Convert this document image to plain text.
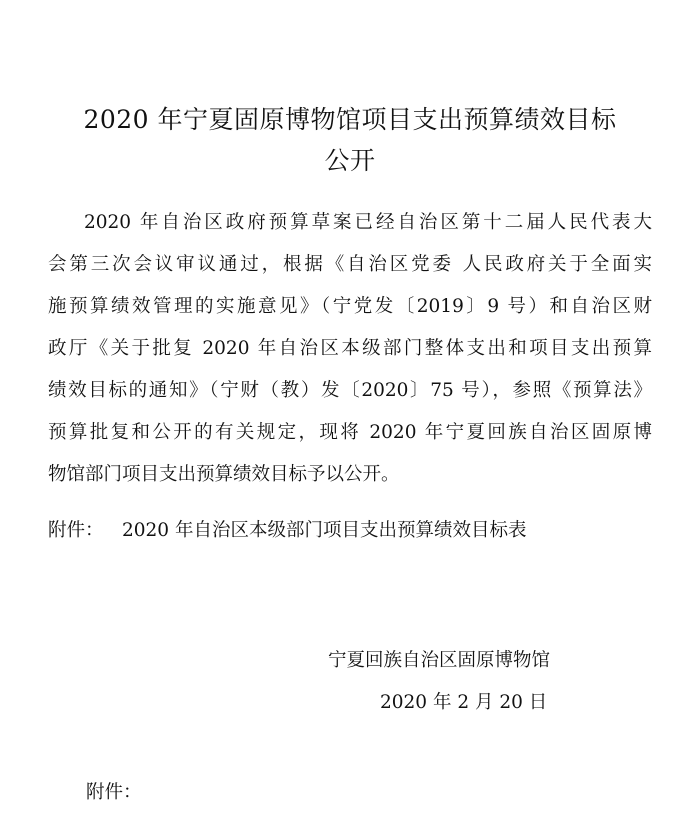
2020 年宁夏固原博物馆项目支出预算绩效目标
公开

2020 年自治区政府预算草案已经自治区第十二届人民代表大

会第三次会议审议通过，根据《自治区党委 人民政府关于全面实

施预算绩效管理的实施意见》（宁党发〔2019〕9 号）和自治区财

政厅《关于批复 2020 年自治区本级部门整体支出和项目支出预算

绩效目标的通知》（宁财（教）发〔2020〕75 号），参照《预算法》

预算批复和公开的有关规定，现将 2020 年宁夏回族自治区固原博

物馆部门项目支出预算绩效目标予以公开。

附件： 2020 年自治区本级部门项目支出预算绩效目标表
宁夏回族自治区固原博物馆
2020 年 2 月 20 日
附件：
